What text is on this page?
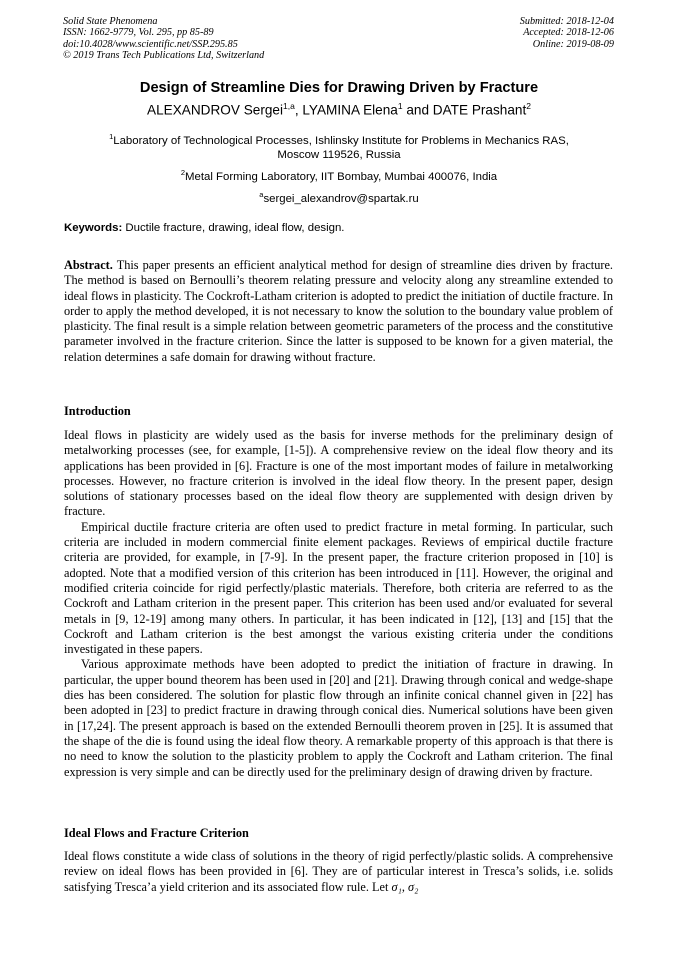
Solid State Phenomena
ISSN: 1662-9779, Vol. 295, pp 85-89
doi:10.4028/www.scientific.net/SSP.295.85
© 2019 Trans Tech Publications Ltd, Switzerland
Submitted: 2018-12-04
Accepted: 2018-12-06
Online: 2019-08-09
Design of Streamline Dies for Drawing Driven by Fracture
ALEXANDROV Sergei$^{1,a}$, LYAMINA Elena$^1$ and DATE Prashant$^2$
$^1$Laboratory of Technological Processes, Ishlinsky Institute for Problems in Mechanics RAS,
Moscow 119526, Russia
$^2$Metal Forming Laboratory, IIT Bombay, Mumbai 400076, India
$^a$sergei_alexandrov@spartak.ru
Keywords: Ductile fracture, drawing, ideal flow, design.

Abstract. This paper presents an efficient analytical method for design of streamline dies driven by fracture. The method is based on Bernoulli’s theorem relating pressure and velocity along any streamline extended to ideal flows in plasticity. The Cockroft-Latham criterion is adopted to predict the initiation of ductile fracture. In order to apply the method developed, it is not necessary to know the solution to the boundary value problem of plasticity. The final result is a simple relation between geometric parameters of the process and the constitutive parameter involved in the fracture criterion. Since the latter is supposed to be known for a given material, the relation determines a safe domain for drawing without fracture.

Introduction

Ideal flows in plasticity are widely used as the basis for inverse methods for the preliminary design of metalworking processes (see, for example, [1-5]). A comprehensive review on the ideal flow theory and its applications has been provided in [6]. Fracture is one of the most important modes of failure in metalworking processes. However, no fracture criterion is involved in the ideal flow theory. In the present paper, design solutions of stationary processes based on the ideal flow theory are supplemented with design driven by fracture.

Empirical ductile fracture criteria are often used to predict fracture in metal forming. In particular, such criteria are included in modern commercial finite element packages. Reviews of empirical ductile fracture criteria are provided, for example, in [7-9]. In the present paper, the fracture criterion proposed in [10] is adopted. Note that a modified version of this criterion has been introduced in [11]. However, the original and modified criteria coincide for rigid perfectly/plastic materials. Therefore, both criteria are referred to as the Cockroft and Latham criterion in the present paper. This criterion has been used and/or evaluated for several metals in [9, 12-19] among many others. In particular, it has been indicated in [12], [13] and [15] that the Cockroft and Latham criterion is the best amongst the various existing criteria under the conditions investigated in these papers.

Various approximate methods have been adopted to predict the initiation of fracture in drawing. In particular, the upper bound theorem has been used in [20] and [21]. Drawing through conical and wedge-shape dies has been considered. The solution for plastic flow through an infinite conical channel given in [22] has been adopted in [23] to predict fracture in drawing through conical dies. Numerical solutions have been given in [17,24]. The present approach is based on the extended Bernoulli theorem proven in [25]. It is assumed that the shape of the die is found using the ideal flow theory. A remarkable property of this approach is that there is no need to know the solution to the plasticity problem to apply the Cockroft and Latham criterion. The final expression is very simple and can be directly used for the preliminary design of drawing driven by fracture.

Ideal Flows and Fracture Criterion

Ideal flows constitute a wide class of solutions in the theory of rigid perfectly/plastic solids. A comprehensive review on ideal flows has been provided in [6]. They are of particular interest in Tresca’s solids, i.e. solids satisfying Tresca’a yield criterion and its associated flow rule. Let σ₁, σ₂
